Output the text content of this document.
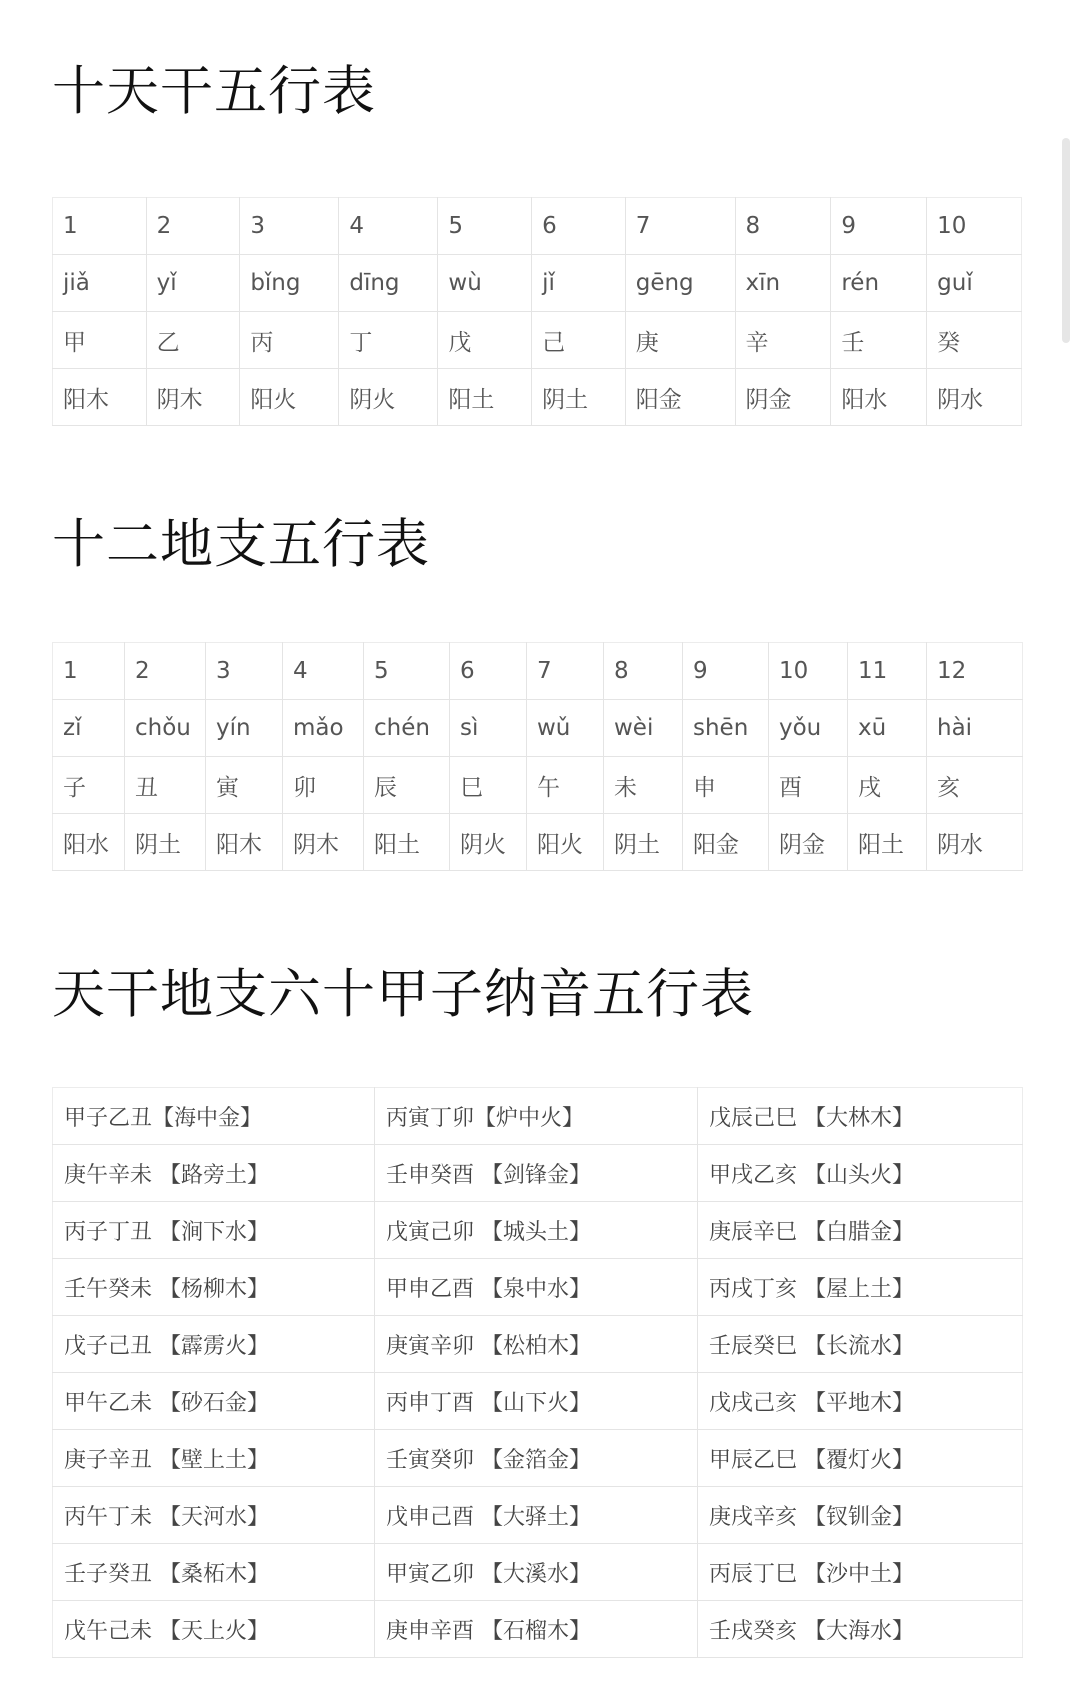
十天干五行表
1	2	3	4	5	6	7	8	9	10
jiǎ	yǐ	bǐng	dīng	wù	jǐ	gēng	xīn	rén	guǐ
甲	乙	丙	丁	戊	己	庚	辛	壬	癸
阳木	阴木	阳火	阴火	阳土	阴土	阳金	阴金	阳水	阴水
十二地支五行表
1	2	3	4	5	6	7	8	9	10	11	12
zǐ	chǒu	yín	mǎo	chén	sì	wǔ	wèi	shēn	yǒu	xū	hài
子	丑	寅	卯	辰	巳	午	未	申	酉	戌	亥
阳水	阴土	阳木	阴木	阳土	阴火	阳火	阴土	阳金	阴金	阳土	阴水
天干地支六十甲子纳音五行表
甲子乙丑【海中金】	丙寅丁卯【炉中火】	戊辰己巳 【大林木】
庚午辛未 【路旁土】	壬申癸酉 【剑锋金】	甲戌乙亥 【山头火】
丙子丁丑 【涧下水】	戊寅己卯 【城头土】	庚辰辛巳 【白腊金】
壬午癸未 【杨柳木】	甲申乙酉 【泉中水】	丙戌丁亥 【屋上土】
戊子己丑 【霹雳火】	庚寅辛卯 【松柏木】	壬辰癸巳 【长流水】
甲午乙未 【砂石金】	丙申丁酉 【山下火】	戊戌己亥 【平地木】
庚子辛丑 【壁上土】	壬寅癸卯 【金箔金】	甲辰乙巳 【覆灯火】
丙午丁未 【天河水】	戊申己酉 【大驿土】	庚戌辛亥 【钗钏金】
壬子癸丑 【桑柘木】	甲寅乙卯 【大溪水】	丙辰丁巳 【沙中土】
戊午己未 【天上火】	庚申辛酉 【石榴木】	壬戌癸亥 【大海水】
